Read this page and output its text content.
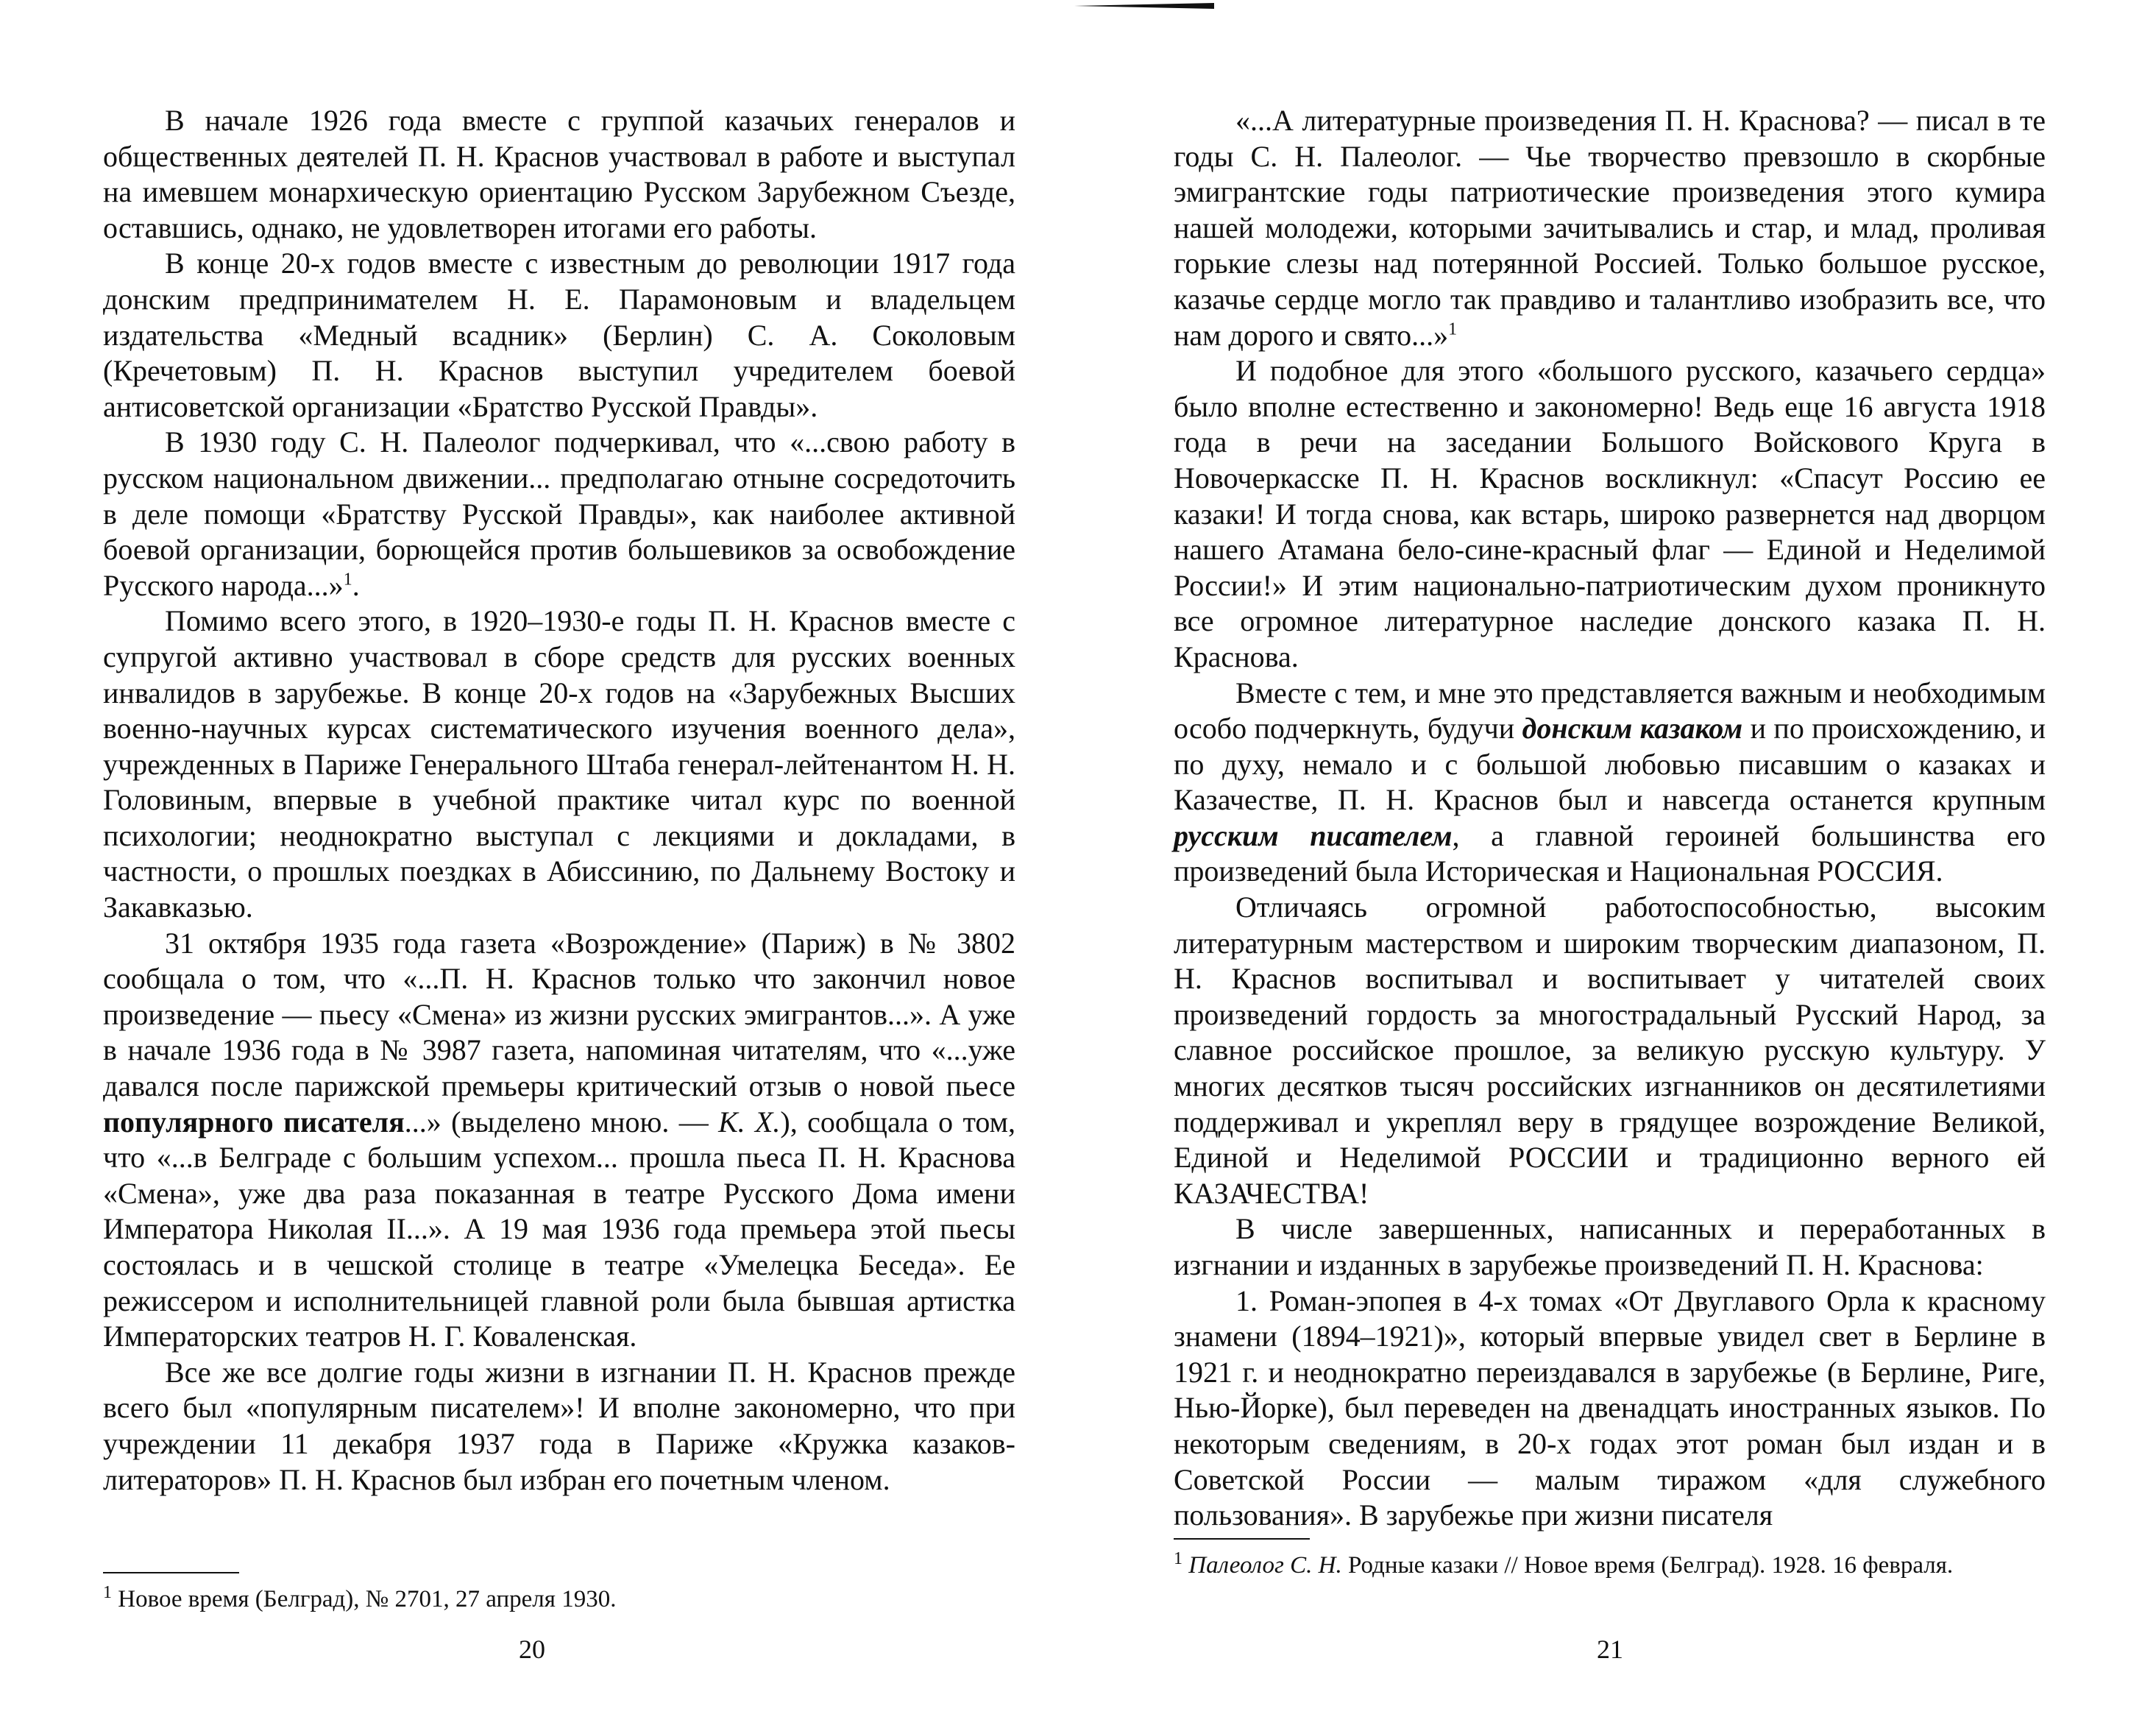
В начале 1926 года вместе с группой казачьих генералов и общественных деятелей П. Н. Краснов участвовал в работе и выступал на имевшем монархическую ориентацию Русском Зарубежном Съезде, оставшись, однако, не удовлетворен итогами его работы.

В конце 20-х годов вместе с известным до революции 1917 года донским предпринимателем Н. Е. Парамоновым и владельцем издательства «Медный всадник» (Берлин) С. А. Соколовым (Кречетовым) П. Н. Краснов выступил учредителем боевой антисоветской организации «Братство Русской Правды».

В 1930 году С. Н. Палеолог подчеркивал, что «...свою работу в русском национальном движении... предполагаю отныне сосредоточить в деле помощи «Братству Русской Правды», как наиболее активной боевой организации, борющейся против большевиков за освобождение Русского народа...»$^1$.

Помимо всего этого, в 1920–1930-е годы П. Н. Краснов вместе с супругой активно участвовал в сборе средств для русских военных инвалидов в зарубежье. В конце 20-х годов на «Зарубежных Высших военно-научных курсах систематического изучения военного дела», учрежденных в Париже Генерального Штаба генерал-лейтенантом Н. Н. Головиным, впервые в учебной практике читал курс по военной психологии; неоднократно выступал с лекциями и докладами, в частности, о прошлых поездках в Абиссинию, по Дальнему Востоку и Закавказью.

31 октября 1935 года газета «Возрождение» (Париж) в № 3802 сообщала о том, что «...П. Н. Краснов только что закончил новое произведение — пьесу «Смена» из жизни русских эмигрантов...». А уже в начале 1936 года в № 3987 газета, напоминая читателям, что «...уже давался после парижской премьеры критический отзыв о новой пьесе популярного писателя...» (выделено мною. — К. Х.), сообщала о том, что «...в Белграде с большим успехом... прошла пьеса П. Н. Краснова «Смена», уже два раза показанная в театре Русского Дома имени Императора Николая II...». А 19 мая 1936 года премьера этой пьесы состоялась и в чешской столице в театре «Умелецка Беседа». Ее режиссером и исполнительницей главной роли была бывшая артистка Императорских театров Н. Г. Коваленская.

Все же все долгие годы жизни в изгнании П. Н. Краснов прежде всего был «популярным писателем»! И вполне закономерно, что при учреждении 11 декабря 1937 года в Париже «Кружка казаков-литераторов» П. Н. Краснов был избран его почетным членом.

$^1$ Новое время (Белград), № 2701, 27 апреля 1930.

20

«...А литературные произведения П. Н. Краснова? — писал в те годы С. Н. Палеолог. — Чье творчество превзошло в скорбные эмигрантские годы патриотические произведения этого кумира нашей молодежи, которыми зачитывались и стар, и млад, проливая горькие слезы над потерянной Россией. Только большое русское, казачье сердце могло так правдиво и талантливо изобразить все, что нам дорого и свято...»$^1$

И подобное для этого «большого русского, казачьего сердца» было вполне естественно и закономерно! Ведь еще 16 августа 1918 года в речи на заседании Большого Войскового Круга в Новочеркасске П. Н. Краснов воскликнул: «Спасут Россию ее казаки! И тогда снова, как встарь, широко развернется над дворцом нашего Атамана бело-сине-красный флаг — Единой и Неделимой России!» И этим национально-патриотическим духом проникнуто все огромное литературное наследие донского казака П. Н. Краснова.

Вместе с тем, и мне это представляется важным и необходимым особо подчеркнуть, будучи донским казаком и по происхождению, и по духу, немало и с большой любовью писавшим о казаках и Казачестве, П. Н. Краснов был и навсегда останется крупным русским писателем, а главной героиней большинства его произведений была Историческая и Национальная РОССИЯ.

Отличаясь огромной работоспособностью, высоким литературным мастерством и широким творческим диапазоном, П. Н. Краснов воспитывал и воспитывает у читателей своих произведений гордость за многострадальный Русский Народ, за славное российское прошлое, за великую русскую культуру. У многих десятков тысяч российских изгнанников он десятилетиями поддерживал и укреплял веру в грядущее возрождение Великой, Единой и Неделимой РОССИИ и традиционно верного ей КАЗАЧЕСТВА!

В числе завершенных, написанных и переработанных в изгнании и изданных в зарубежье произведений П. Н. Краснова:

1. Роман-эпопея в 4-х томах «От Двуглавого Орла к красному знамени (1894–1921)», который впервые увидел свет в Берлине в 1921 г. и неоднократно переиздавался в зарубежье (в Берлине, Риге, Нью-Йорке), был переведен на двенадцать иностранных языков. По некоторым сведениям, в 20-х годах этот роман был издан и в Советской России — малым тиражом «для служебного пользования». В зарубежье при жизни писателя

$^1$ Палеолог С. Н. Родные казаки // Новое время (Белград). 1928. 16 февраля.

21
